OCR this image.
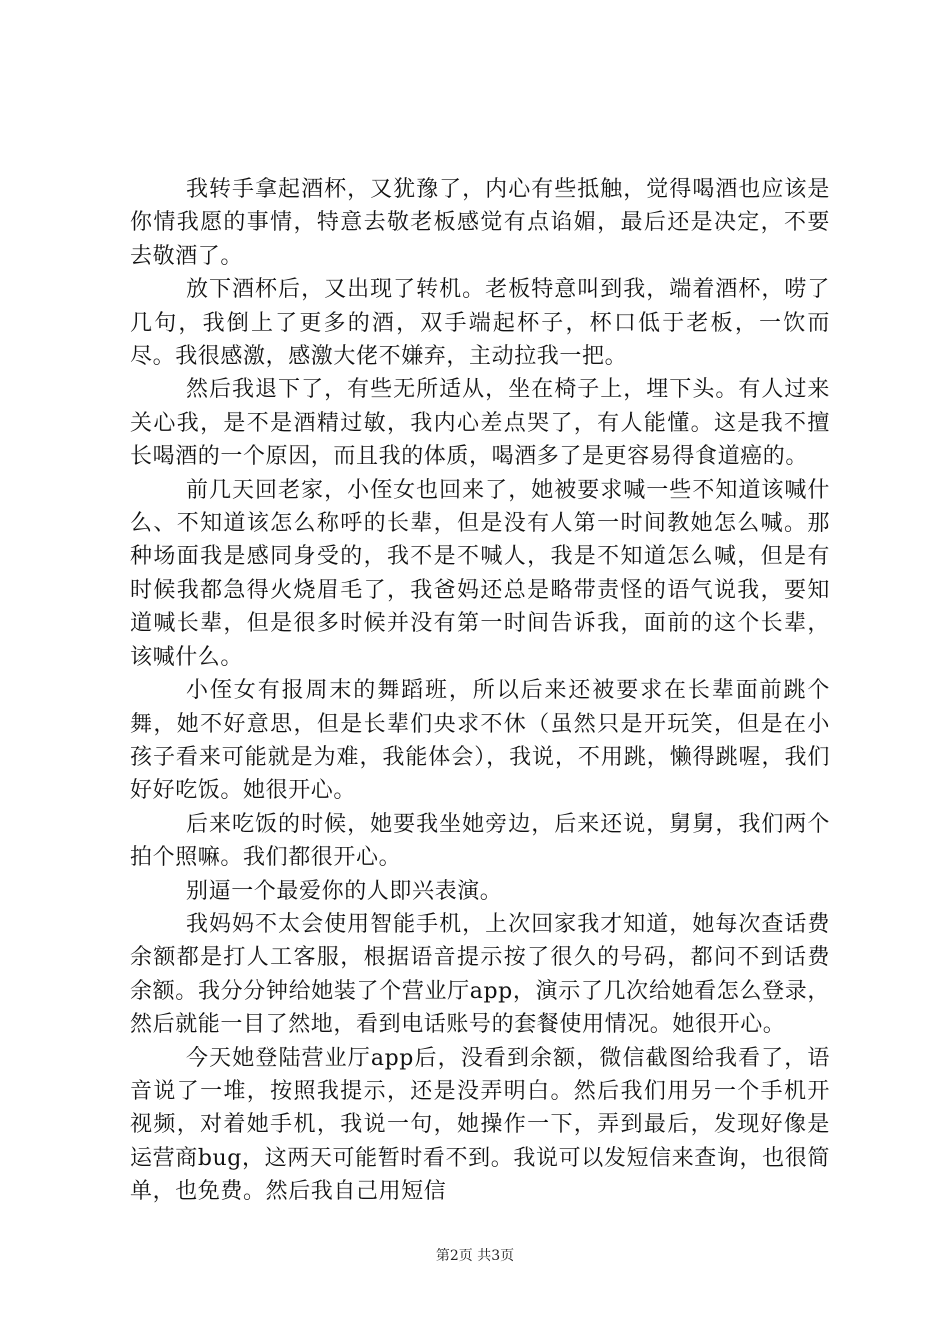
我转手拿起酒杯，又犹豫了，内心有些抵触，觉得喝酒也应该是你情我愿的事情，特意去敬老板感觉有点谄媚，最后还是决定，不要去敬酒了。

放下酒杯后，又出现了转机。老板特意叫到我，端着酒杯，唠了几句，我倒上了更多的酒，双手端起杯子，杯口低于老板，一饮而尽。我很感激，感激大佬不嫌弃，主动拉我一把。

然后我退下了，有些无所适从，坐在椅子上，埋下头。有人过来关心我，是不是酒精过敏，我内心差点哭了，有人能懂。这是我不擅长喝酒的一个原因，而且我的体质，喝酒多了是更容易得食道癌的。

前几天回老家，小侄女也回来了，她被要求喊一些不知道该喊什么、不知道该怎么称呼的长辈，但是没有人第一时间教她怎么喊。那种场面我是感同身受的，我不是不喊人，我是不知道怎么喊，但是有时候我都急得火烧眉毛了，我爸妈还总是略带责怪的语气说我，要知道喊长辈，但是很多时候并没有第一时间告诉我，面前的这个长辈，该喊什么。

小侄女有报周末的舞蹈班，所以后来还被要求在长辈面前跳个舞，她不好意思，但是长辈们央求不休（虽然只是开玩笑，但是在小孩子看来可能就是为难，我能体会），我说，不用跳，懒得跳喔，我们好好吃饭。她很开心。

后来吃饭的时候，她要我坐她旁边，后来还说，舅舅，我们两个拍个照嘛。我们都很开心。

别逼一个最爱你的人即兴表演。

我妈妈不太会使用智能手机，上次回家我才知道，她每次查话费余额都是打人工客服，根据语音提示按了很久的号码，都问不到话费余额。我分分钟给她装了个营业厅app，演示了几次给她看怎么登录，然后就能一目了然地，看到电话账号的套餐使用情况。她很开心。

今天她登陆营业厅app后，没看到余额，微信截图给我看了，语音说了一堆，按照我提示，还是没弄明白。然后我们用另一个手机开视频，对着她手机，我说一句，她操作一下，弄到最后，发现好像是运营商bug，这两天可能暂时看不到。我说可以发短信来查询，也很简单，也免费。然后我自己用短信

第2页 共3页
